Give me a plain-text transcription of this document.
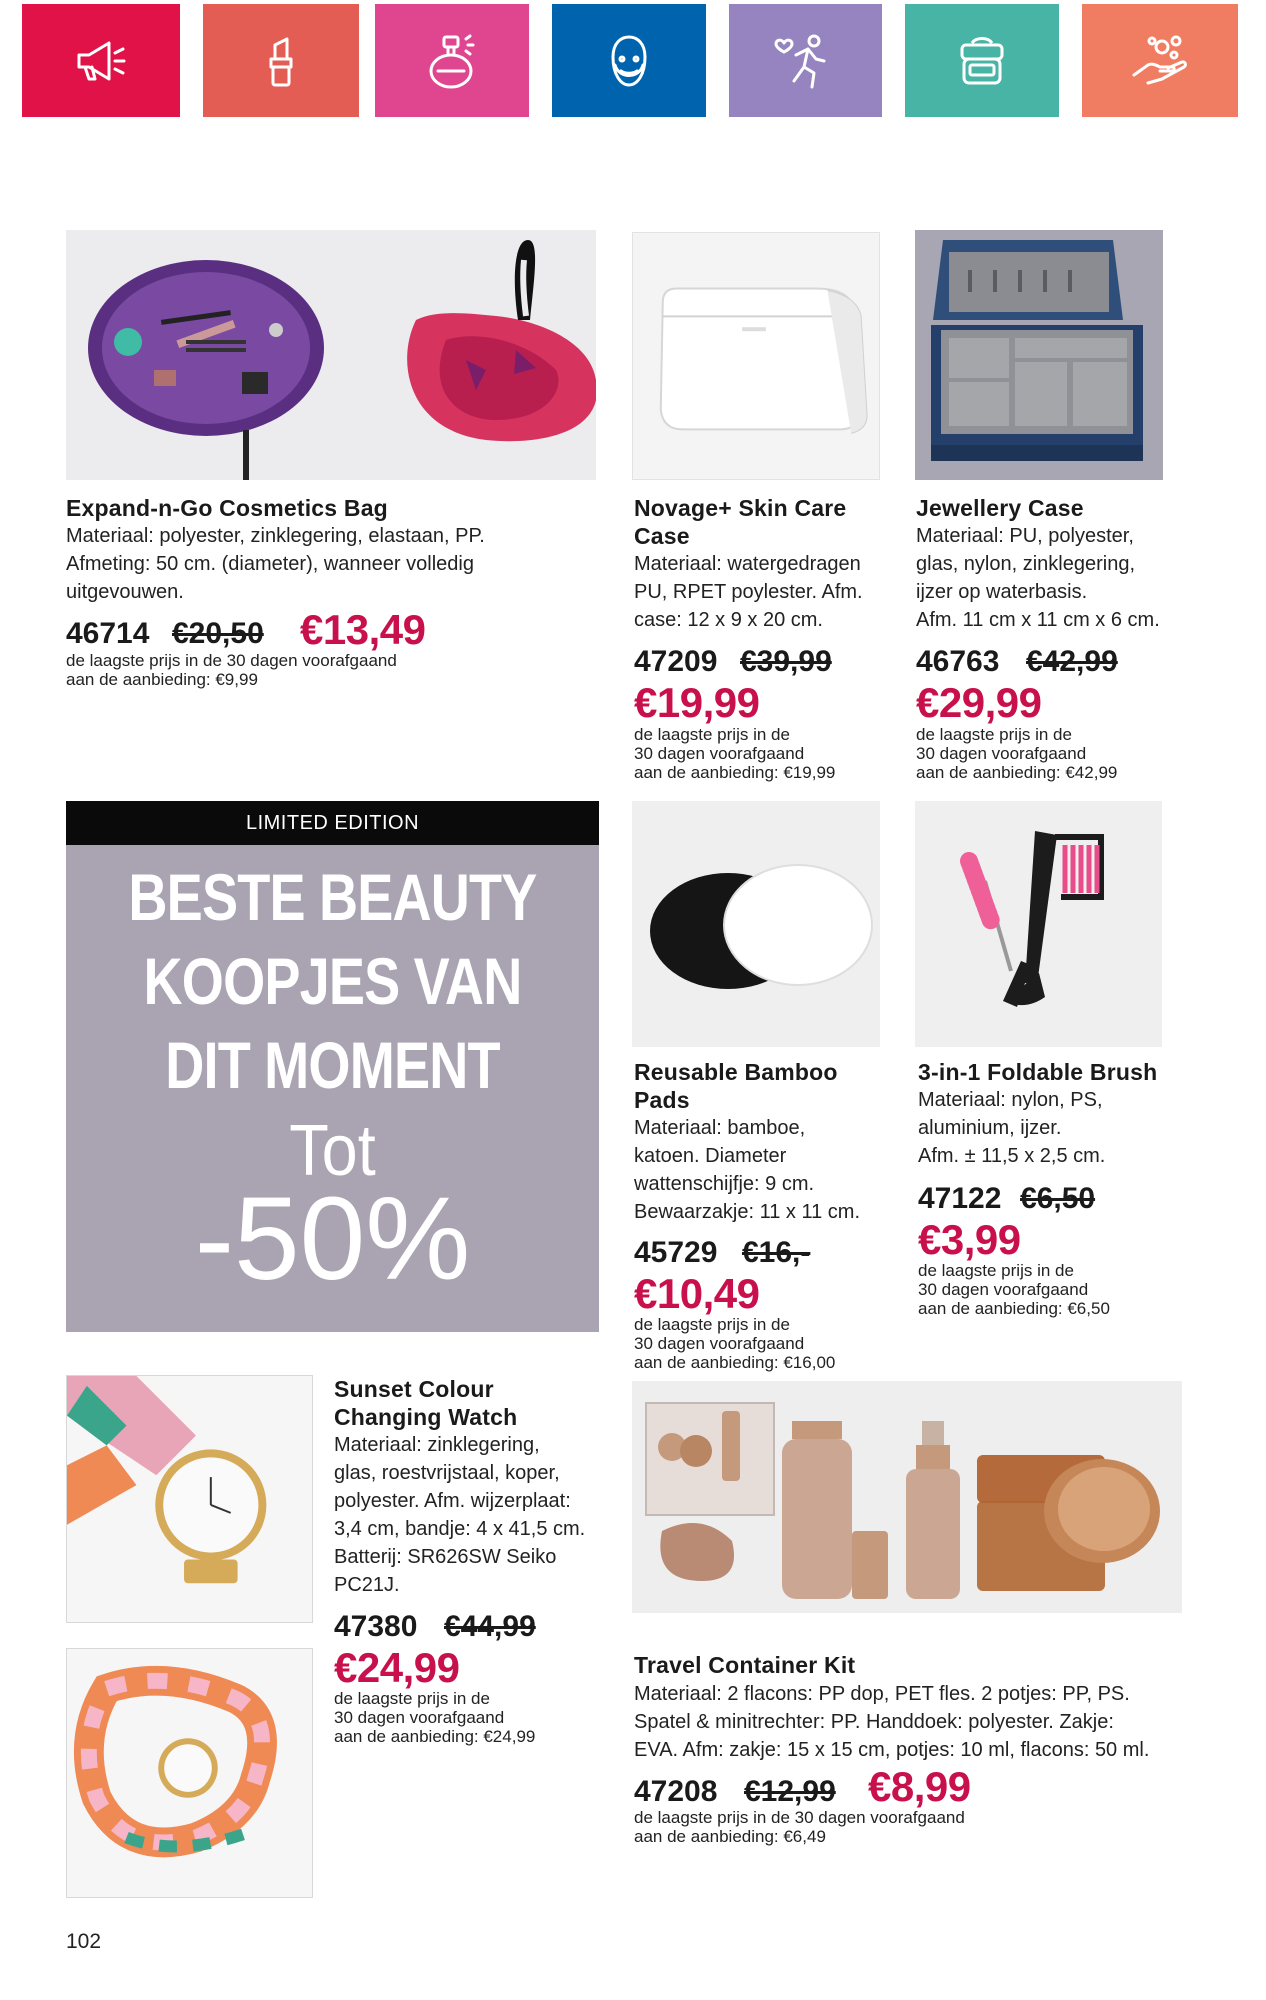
Expand-n-Go Cosmetics Bag
Materiaal: polyester, zinklegering, elastaan, PP.
Afmeting: 50 cm. (diameter), wanneer volledig
uitgevouwen.
46714 €20,50 €13,49
de laagste prijs in de 30 dagen voorafgaand
aan de aanbieding: €9,99
Novage+ Skin Care
Case
Materiaal: watergedragen
PU, RPET poylester. Afm.
case: 12 x 9 x 20 cm.
47209 €39,99
€19,99
de laagste prijs in de
30 dagen voorafgaand
aan de aanbieding: €19,99
Jewellery Case
Materiaal: PU, polyester,
glas, nylon, zinklegering,
ijzer op waterbasis.
Afm. 11 cm x 11 cm x 6 cm.
46763 €42,99
€29,99
de laagste prijs in de
30 dagen voorafgaand
aan de aanbieding: €42,99
LIMITED EDITION
BESTE BEAUTY
KOOPJES VAN
DIT MOMENT
Tot
-50%
Reusable Bamboo
Pads
Materiaal: bamboe,
katoen. Diameter
wattenschijfje: 9 cm.
Bewaarzakje: 11 x 11 cm.
45729 €16,-
€10,49
de laagste prijs in de
30 dagen voorafgaand
aan de aanbieding: €16,00
3-in-1 Foldable Brush
Materiaal: nylon, PS,
aluminium, ijzer.
Afm. ± 11,5 x 2,5 cm.
47122 €6,50
€3,99
de laagste prijs in de
30 dagen voorafgaand
aan de aanbieding: €6,50
Sunset Colour
Changing Watch
Materiaal: zinklegering,
glas, roestvrijstaal, koper,
polyester. Afm. wijzerplaat:
3,4 cm, bandje: 4 x 41,5 cm.
Batterij: SR626SW Seiko
PC21J.
47380 €44,99
€24,99
de laagste prijs in de
30 dagen voorafgaand
aan de aanbieding: €24,99
Travel Container Kit
Materiaal: 2 flacons: PP dop, PET fles. 2 potjes: PP, PS.
Spatel & minitrechter: PP. Handdoek: polyester. Zakje:
EVA. Afm: zakje: 15 x 15 cm, potjes: 10 ml, flacons: 50 ml.
47208 €12,99 €8,99
de laagste prijs in de 30 dagen voorafgaand
aan de aanbieding: €6,49
102
